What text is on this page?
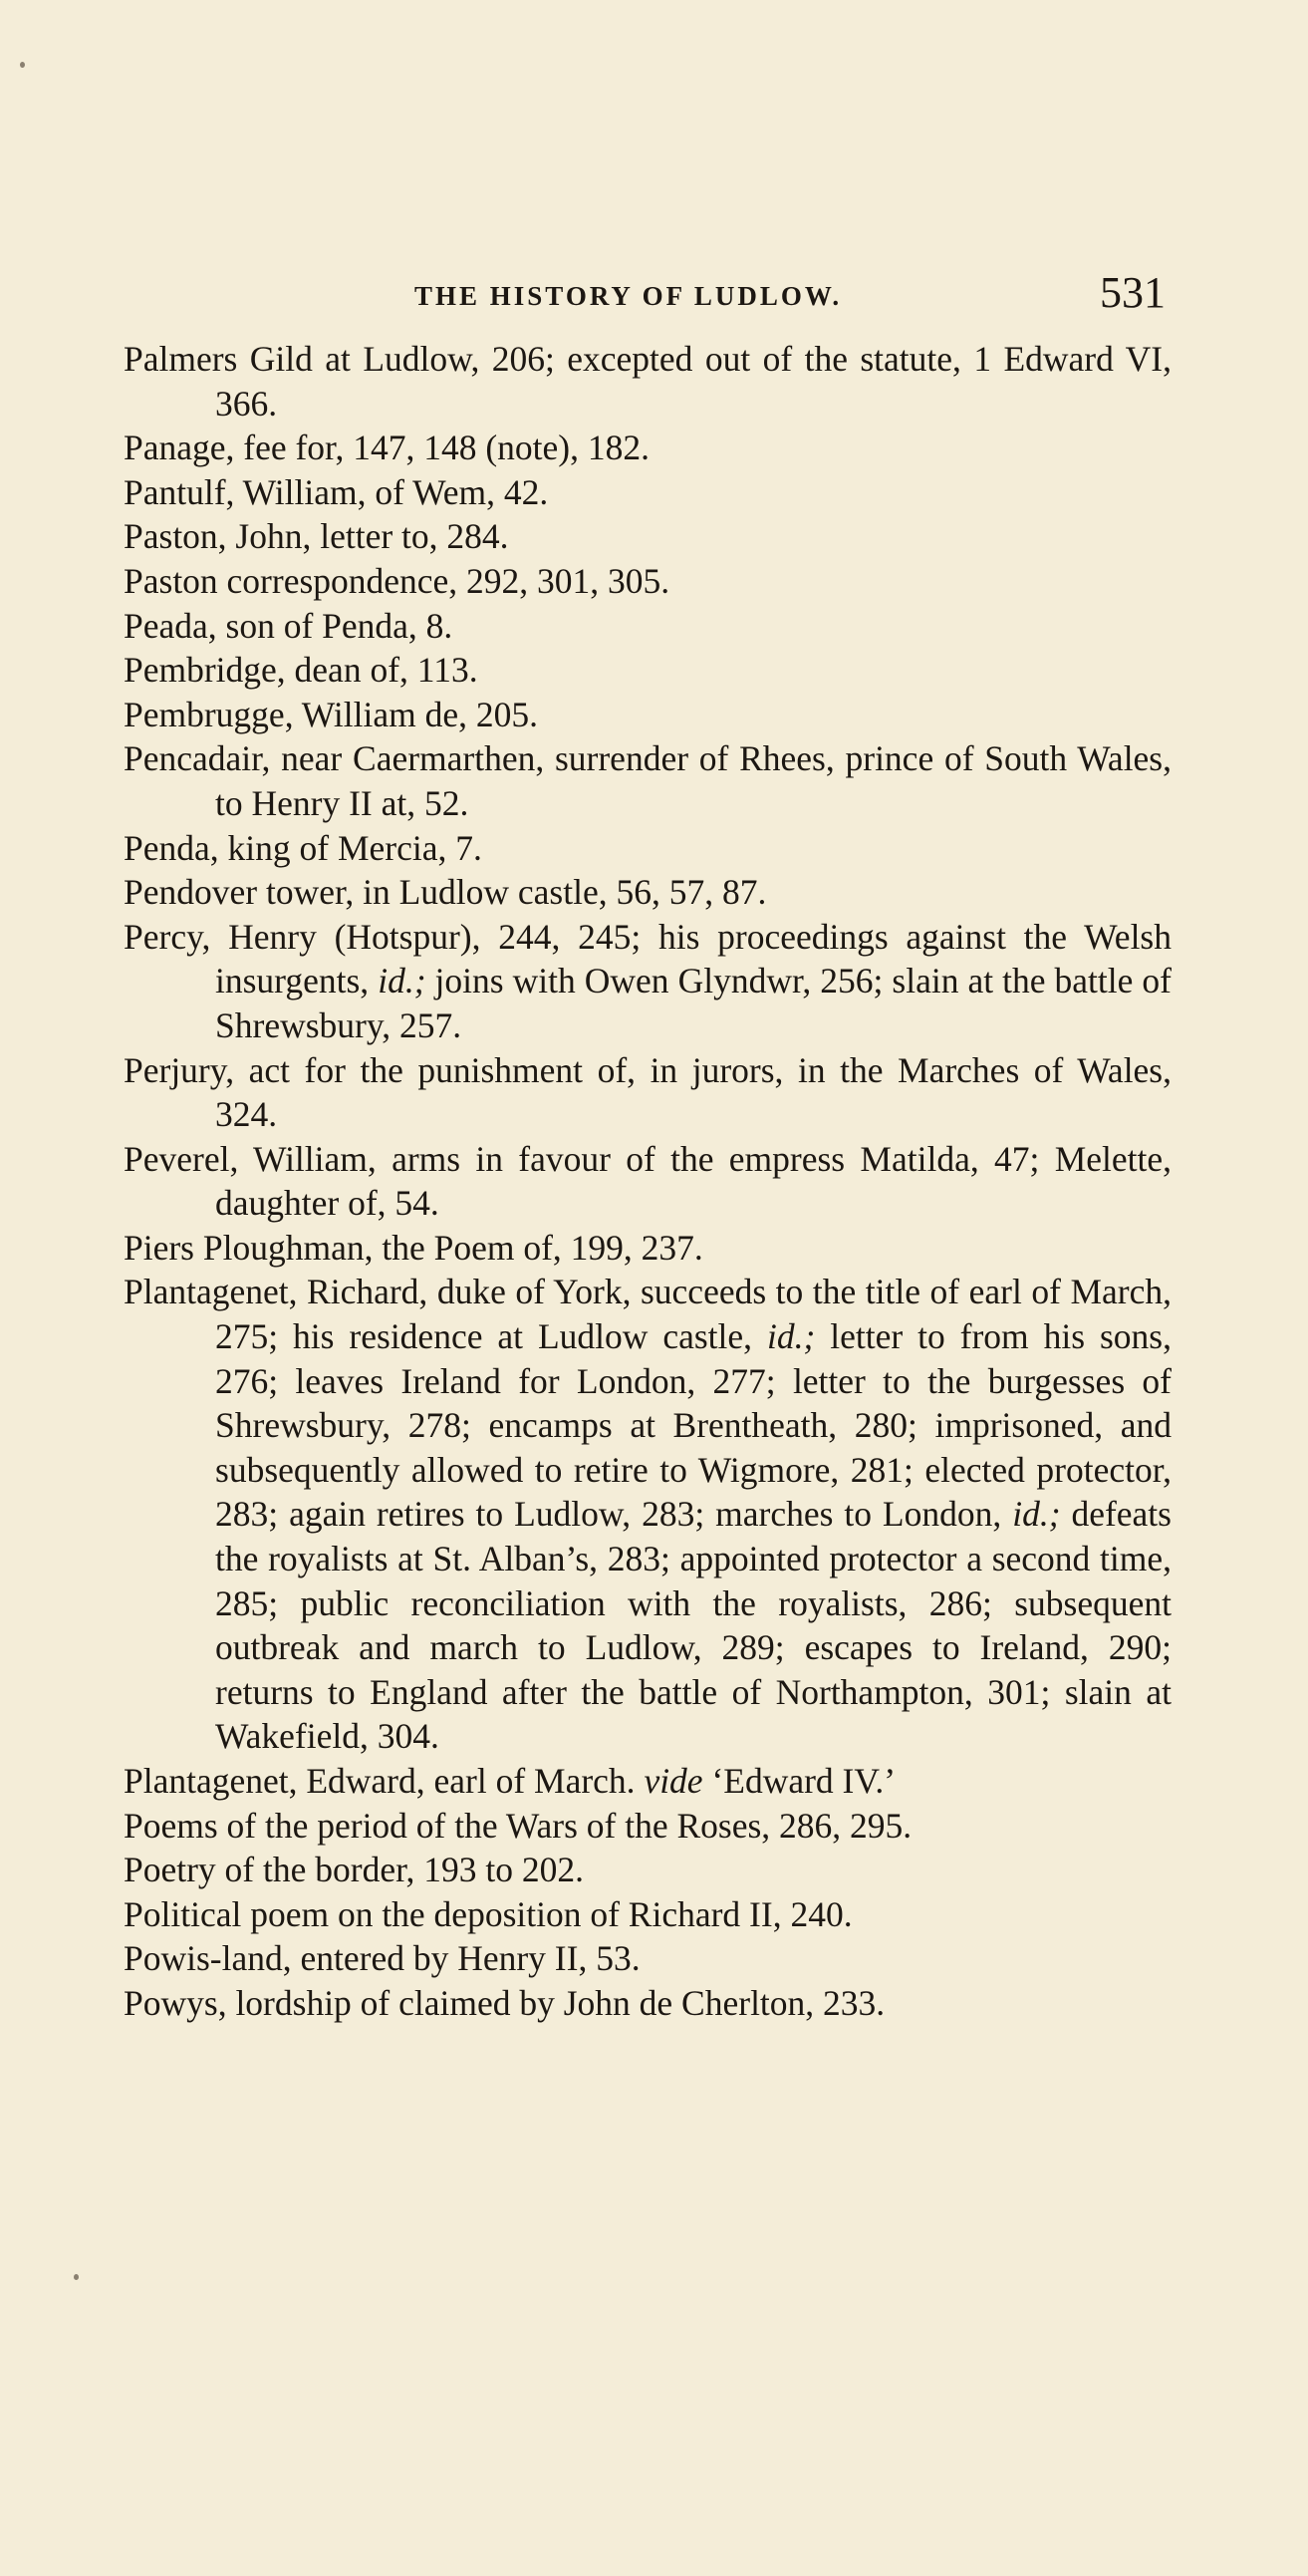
THE HISTORY OF LUDLOW.	531

Palmers Gild at Ludlow, 206; excepted out of the statute, 1 Edward VI, 366.

Panage, fee for, 147, 148 (note), 182.

Pantulf, William, of Wem, 42.

Paston, John, letter to, 284.

Paston correspondence, 292, 301, 305.

Peada, son of Penda, 8.

Pembridge, dean of, 113.

Pembrugge, William de, 205.

Pencadair, near Caermarthen, surrender of Rhees, prince of South Wales, to Henry II at, 52.

Penda, king of Mercia, 7.

Pendover tower, in Ludlow castle, 56, 57, 87.

Percy, Henry (Hotspur), 244, 245; his proceedings against the Welsh insurgents, id.; joins with Owen Glyndwr, 256; slain at the battle of Shrewsbury, 257.

Perjury, act for the punishment of, in jurors, in the Marches of Wales, 324.

Peverel, William, arms in favour of the empress Matilda, 47; Melette, daughter of, 54.

Piers Ploughman, the Poem of, 199, 237.

Plantagenet, Richard, duke of York, succeeds to the title of earl of March, 275; his residence at Ludlow castle, id.; letter to from his sons, 276; leaves Ireland for London, 277; letter to the burgesses of Shrewsbury, 278; encamps at Brentheath, 280; imprisoned, and subsequently allowed to retire to Wigmore, 281; elected protector, 283; again retires to Ludlow, 283; marches to London, id.; defeats the royalists at St. Alban’s, 283; appointed protector a second time, 285; public reconciliation with the royalists, 286; subsequent outbreak and march to Ludlow, 289; escapes to Ireland, 290; returns to England after the battle of Northampton, 301; slain at Wakefield, 304.

Plantagenet, Edward, earl of March. vide ‘Edward IV.’

Poems of the period of the Wars of the Roses, 286, 295.

Poetry of the border, 193 to 202.

Political poem on the deposition of Richard II, 240.

Powis-land, entered by Henry II, 53.

Powys, lordship of claimed by John de Cherlton, 233.
